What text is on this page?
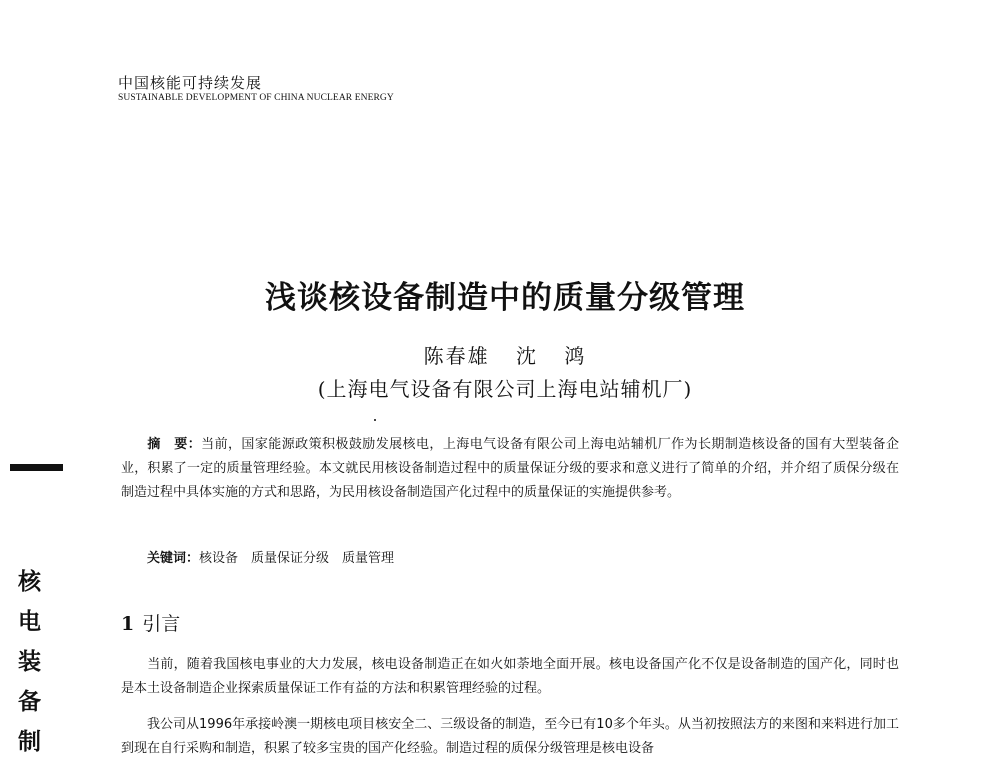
中国核能可持续发展
SUSTAINABLE DEVELOPMENT OF CHINA NUCLEAR ENERGY
浅谈核设备制造中的质量分级管理
陈春雄 沈 鸿
(上海电气设备有限公司上海电站辅机厂)
核
电
装
备
制

摘　要：当前，国家能源政策积极鼓励发展核电，上海电气设备有限公司上海电站辅机厂作为长期制造核设备的国有大型装备企业，积累了一定的质量管理经验。本文就民用核设备制造过程中的质量保证分级的要求和意义进行了简单的介绍，并介绍了质保分级在制造过程中具体实施的方式和思路，为民用核设备制造国产化过程中的质量保证的实施提供参考。

关键词：核设备　质量保证分级　质量管理

1 引言

当前，随着我国核电事业的大力发展，核电设备制造正在如火如荼地全面开展。核电设备国产化不仅是设备制造的国产化，同时也是本土设备制造企业探索质量保证工作有益的方法和积累管理经验的过程。

我公司从1996年承接岭澳一期核电项目核安全二、三级设备的制造，至今已有10多个年头。从当初按照法方的来图和来料进行加工到现在自行采购和制造，积累了较多宝贵的国产化经验。制造过程的质保分级管理是核电设备
